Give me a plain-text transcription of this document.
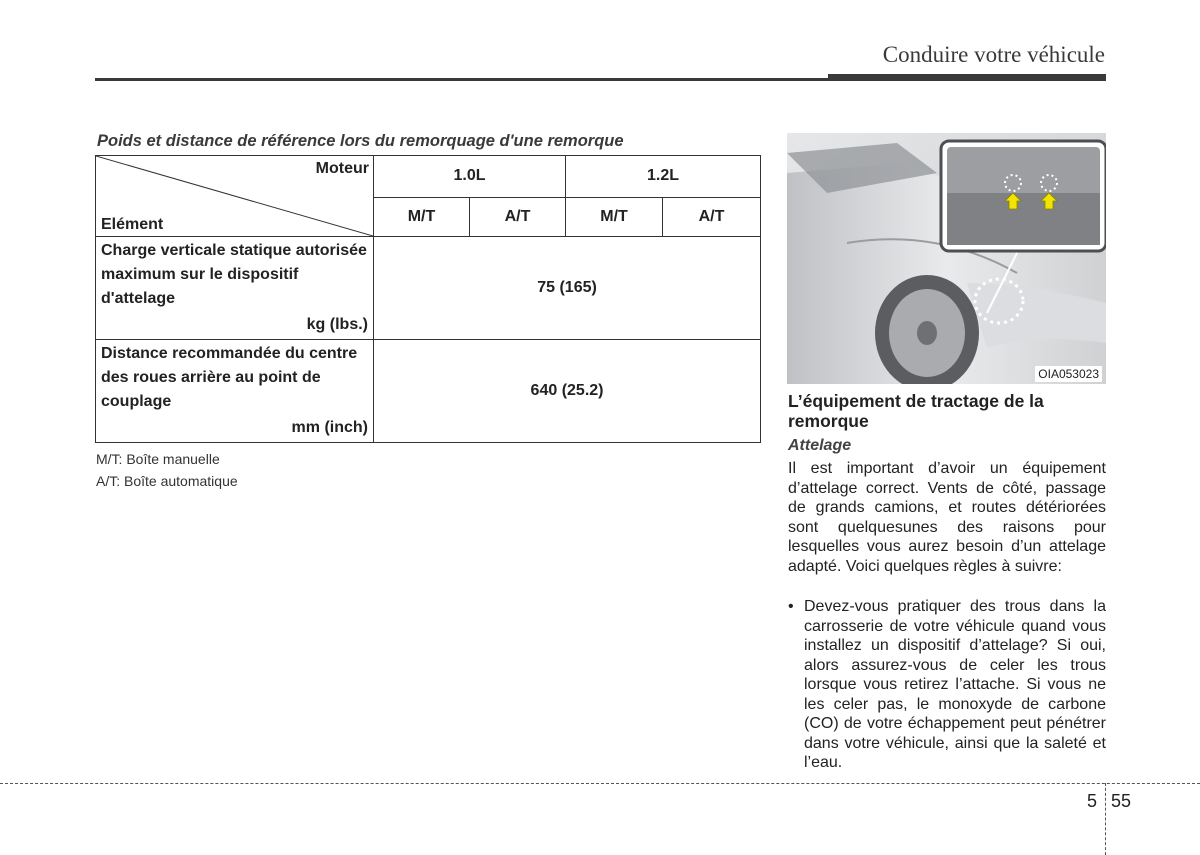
Conduire votre véhicule
Poids et distance de référence lors du remorquage d'une remorque
Moteur
Elément	1.0L		1.2L	
	M/T	A/T	M/T	A/T

Charge verticale statique autorisée maximum sur le dispositif d'attelage
kg (lbs.)	75 (165)			

Distance recommandée du centre des roues arrière au point de couplage
mm (inch)	640 (25.2)			
M/T: Boîte manuelle
A/T: Boîte automatique
OIA053023
L’équipement de tractage de la remorque
Attelage
Il est important d’avoir un équipement d’attelage correct. Vents de côté, passage de grands camions, et routes détériorées sont quelquesunes des raisons pour lesquelles vous aurez besoin d’un attelage adapté. Voici quelques règles à suivre:
• Devez-vous pratiquer des trous dans la carrosserie de votre véhicule quand vous installez un dispositif d’attelage? Si oui, alors assurez-vous de celer les trous lorsque vous retirez l’attache. Si vous ne les celer pas, le monoxyde de carbone (CO) de votre échappement peut pénétrer dans votre véhicule, ainsi que la saleté et l’eau.
5 55
